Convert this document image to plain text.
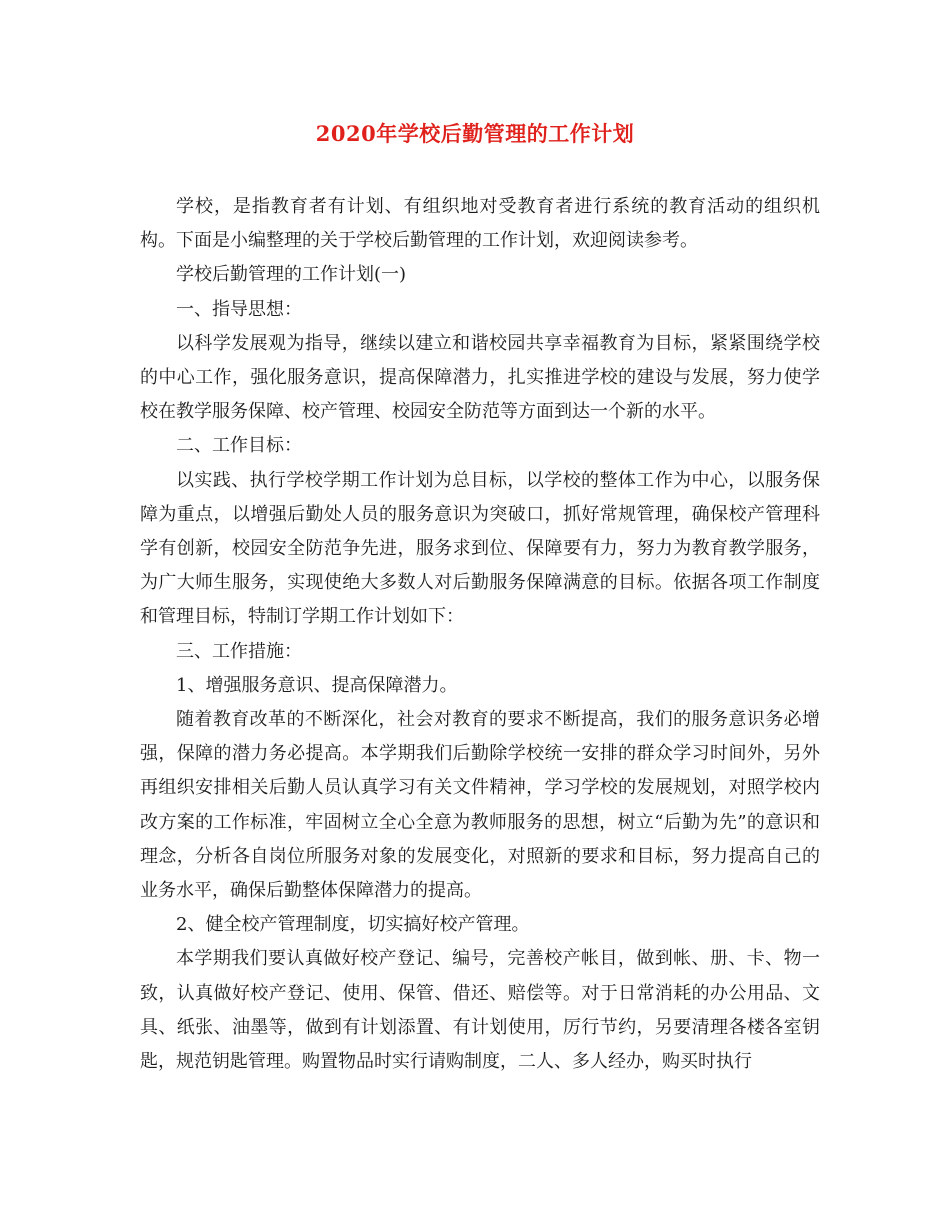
2020年学校后勤管理的工作计划

学校，是指教育者有计划、有组织地对受教育者进行系统的教育活动的组织机构。下面是小编整理的关于学校后勤管理的工作计划，欢迎阅读参考。

学校后勤管理的工作计划(一)

一、指导思想：

以科学发展观为指导，继续以建立和谐校园共享幸福教育为目标，紧紧围绕学校的中心工作，强化服务意识，提高保障潜力，扎实推进学校的建设与发展，努力使学校在教学服务保障、校产管理、校园安全防范等方面到达一个新的水平。

二、工作目标：

以实践、执行学校学期工作计划为总目标，以学校的整体工作为中心，以服务保障为重点，以增强后勤处人员的服务意识为突破口，抓好常规管理，确保校产管理科学有创新，校园安全防范争先进，服务求到位、保障要有力，努力为教育教学服务，为广大师生服务，实现使绝大多数人对后勤服务保障满意的目标。依据各项工作制度和管理目标，特制订学期工作计划如下：

三、工作措施：

1、增强服务意识、提高保障潜力。

随着教育改革的不断深化，社会对教育的要求不断提高，我们的服务意识务必增强，保障的潜力务必提高。本学期我们后勤除学校统一安排的群众学习时间外，另外再组织安排相关后勤人员认真学习有关文件精神，学习学校的发展规划，对照学校内改方案的工作标准，牢固树立全心全意为教师服务的思想，树立“后勤为先”的意识和理念，分析各自岗位所服务对象的发展变化，对照新的要求和目标，努力提高自己的业务水平，确保后勤整体保障潜力的提高。

2、健全校产管理制度，切实搞好校产管理。

本学期我们要认真做好校产登记、编号，完善校产帐目，做到帐、册、卡、物一致，认真做好校产登记、使用、保管、借还、赔偿等。对于日常消耗的办公用品、文具、纸张、油墨等，做到有计划添置、有计划使用，厉行节约，另要清理各楼各室钥匙，规范钥匙管理。购置物品时实行请购制度，二人、多人经办，购买时执行
